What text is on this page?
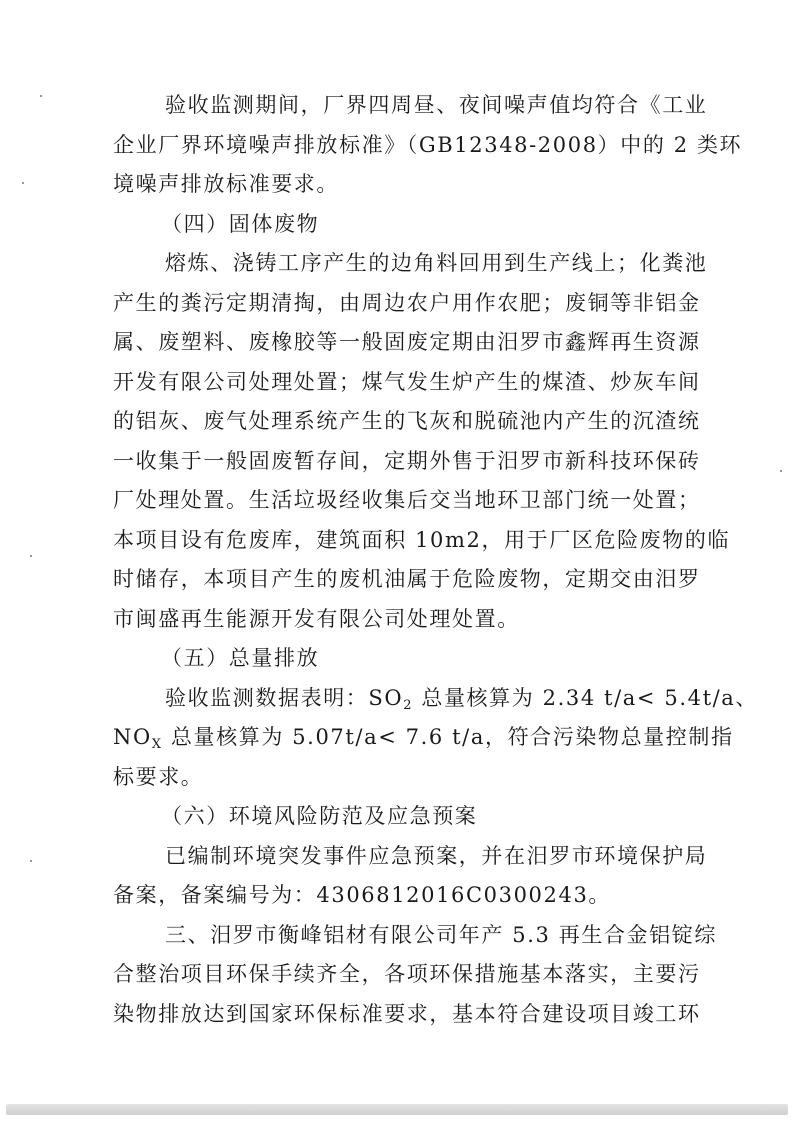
验收监测期间，厂界四周昼、夜间噪声值均符合《工业
企业厂界环境噪声排放标准》（GB12348-2008）中的 2 类环
境噪声排放标准要求。
（四）固体废物
熔炼、浇铸工序产生的边角料回用到生产线上；化粪池
产生的粪污定期清掏，由周边农户用作农肥；废铜等非铝金
属、废塑料、废橡胶等一般固废定期由汨罗市鑫辉再生资源
开发有限公司处理处置；煤气发生炉产生的煤渣、炒灰车间
的铝灰、废气处理系统产生的飞灰和脱硫池内产生的沉渣统
一收集于一般固废暂存间，定期外售于汨罗市新科技环保砖
厂处理处置。生活垃圾经收集后交当地环卫部门统一处置；
本项目设有危废库，建筑面积 10m2，用于厂区危险废物的临
时储存，本项目产生的废机油属于危险废物，定期交由汨罗
市闽盛再生能源开发有限公司处理处置。
（五）总量排放
验收监测数据表明：$SO_2$ 总量核算为 2.34 t/a< 5.4t/a、
$NO_X$ 总量核算为 5.07t/a< 7.6 t/a，符合污染物总量控制指
标要求。
（六）环境风险防范及应急预案
已编制环境突发事件应急预案，并在汨罗市环境保护局
备案，备案编号为：4306812016C0300243。
三、汨罗市衡峰铝材有限公司年产 5.3 再生合金铝锭综
合整治项目环保手续齐全，各项环保措施基本落实，主要污
染物排放达到国家环保标准要求，基本符合建设项目竣工环
